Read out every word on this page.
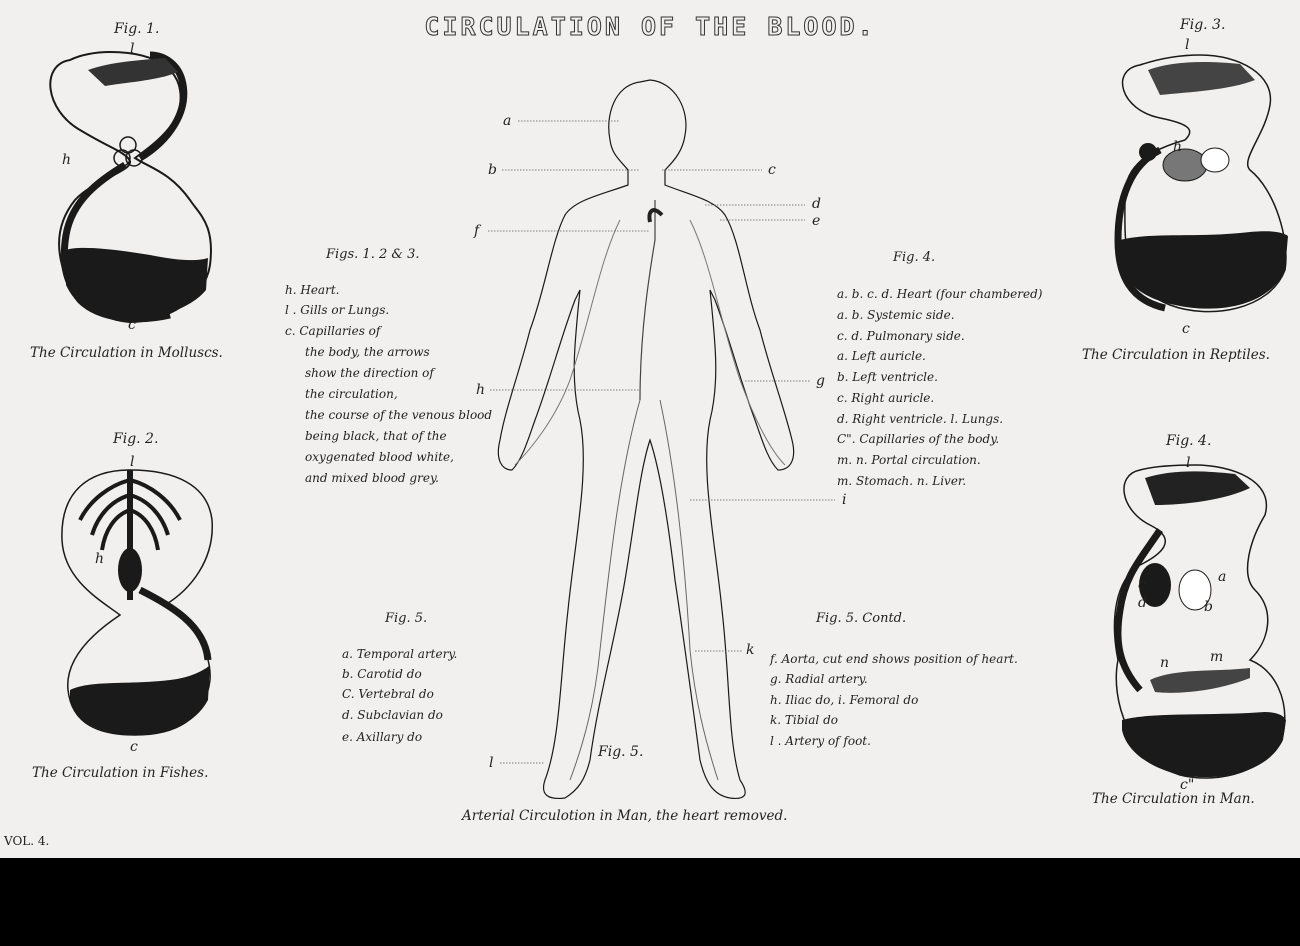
CIRCULATION OF THE BLOOD.
Fig. 1.
The Circulation in Molluscs.
l
h
c
Fig. 2.
The Circulation in Fishes.
l
h
c
Fig. 3.
The Circulation in Reptiles.
l
h
c
Fig. 4.
The Circulation in Man.
l
a
b
c
d
n	m
c"
a
b	c
d
e
f
g
h
i
k
l
Fig. 5.
Arterial Circulotion in Man, the heart removed.
Figs. 1. 2 & 3.
h. Heart.
l . Gills or Lungs.
c. Capillaries of
the body, the arrows
show the direction of
the circulation,
the course of the venous blood
being black, that of the
oxygenated blood white,
and mixed blood grey.
Fig. 4.
a. b. c. d. Heart (four chambered)
a. b. Systemic side.
c. d. Pulmonary side.
a. Left auricle.
b. Left ventricle.
c. Right auricle.
d. Right ventricle. l. Lungs.
C". Capillaries of the body.
m. n. Portal circulation.
m. Stomach. n. Liver.
Fig. 5.
a. Temporal artery.
b. Carotid do
C. Vertebral do
d. Subclavian do
e. Axillary do
Fig. 5. Contd.
f. Aorta, cut end shows position of heart.
g. Radial artery.
h. Iliac do, i. Femoral do
k. Tibial do
l . Artery of foot.
VOL. 4.
